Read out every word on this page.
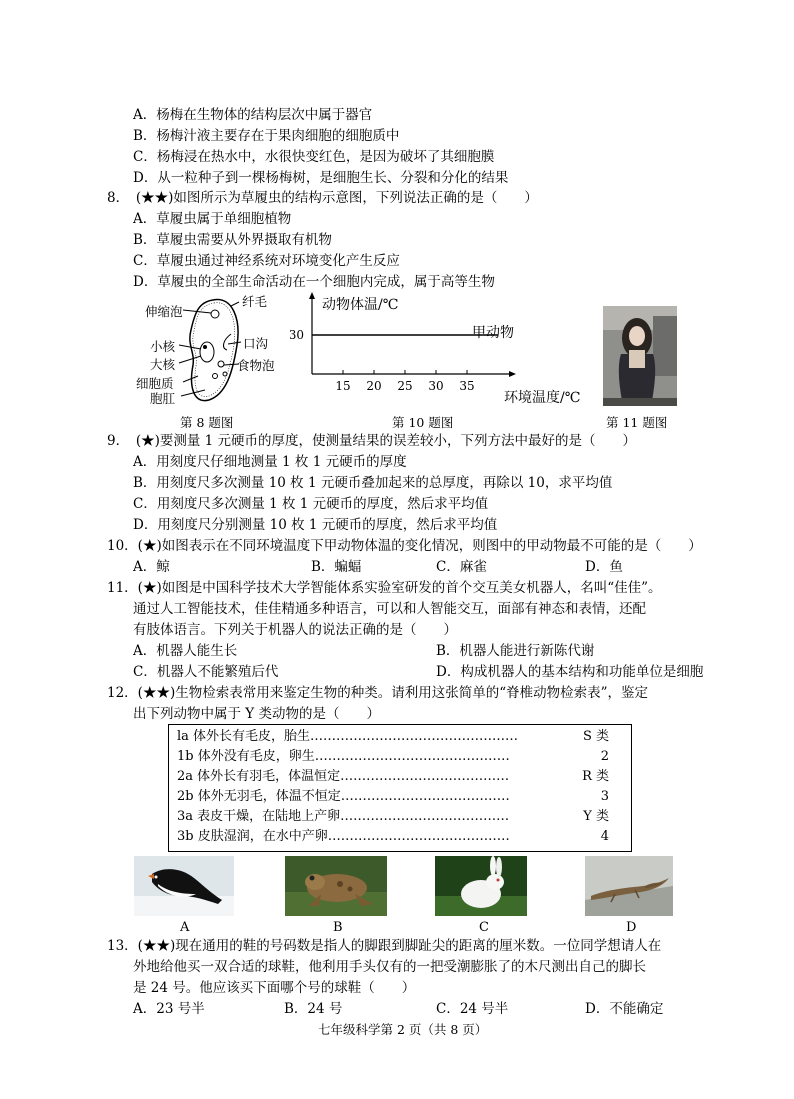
A．杨梅在生物体的结构层次中属于器官
B．杨梅汁液主要存在于果肉细胞的细胞质中
C．杨梅浸在热水中，水很快变红色，是因为破坏了其细胞膜
D．从一粒种子到一棵杨梅树，是细胞生长、分裂和分化的结果
8．　(★★)如图所示为草履虫的结构示意图，下列说法正确的是（　　）
A．草履虫属于单细胞植物
B．草履虫需要从外界摄取有机物
C．草履虫通过神经系统对环境变化产生反应
D．草履虫的全部生命活动在一个细胞内完成，属于高等生物
伸缩泡
纤毛
小核
大核
口沟
食物泡
细胞质
胞肛
第 8 题图
15 20 25 30 35
30
动物体温/℃
甲动物
环境温度/℃
第 10 题图	第 11 题图
9．　(★)要测量 1 元硬币的厚度，使测量结果的误差较小，下列方法中最好的是（　　）
A．用刻度尺仔细地测量 1 枚 1 元硬币的厚度
B．用刻度尺多次测量 10 枚 1 元硬币叠加起来的总厚度，再除以 10，求平均值
C．用刻度尺多次测量 1 枚 1 元硬币的厚度，然后求平均值
D．用刻度尺分别测量 10 枚 1 元硬币的厚度，然后求平均值
10．(★)如图表示在不同环境温度下甲动物体温的变化情况，则图中的甲动物最不可能的是（　　）
A．鲸	B．蝙蝠	C．麻雀	D．鱼
11．(★)如图是中国科学技术大学智能体系实验室研发的首个交互美女机器人，名叫“佳佳”。
通过人工智能技术，佳佳精通多种语言，可以和人智能交互，面部有神态和表情，还配
有肢体语言。下列关于机器人的说法正确的是（　　）
A．机器人能生长	B．机器人能进行新陈代谢
C．机器人不能繁殖后代	D．构成机器人的基本结构和功能单位是细胞
12．(★★)生物检索表常用来鉴定生物的种类。请利用这张简单的“脊椎动物检索表”，鉴定
出下列动物中属于 Y 类动物的是（　　）
la 体外长有毛皮，胎生…………………………………………	S 类
1b 体外没有毛皮，卵生………………………………………	2
2a 体外长有羽毛，体温恒定…………………………………	R 类
2b 体外无羽毛，体温不恒定…………………………………	3
3a 表皮干燥，在陆地上产卵…………………………………	Y 类
3b 皮肤湿润，在水中产卵……………………………………	4
A	B	C	D
13．(★★)现在通用的鞋的号码数是指人的脚跟到脚趾尖的距离的厘米数。一位同学想请人在
外地给他买一双合适的球鞋，他利用手头仅有的一把受潮膨胀了的木尺测出自己的脚长
是 24 号。他应该买下面哪个号的球鞋（　　）
A．23 号半	B．24 号	C．24 号半	D．不能确定
七年级科学第 2 页（共 8 页）
